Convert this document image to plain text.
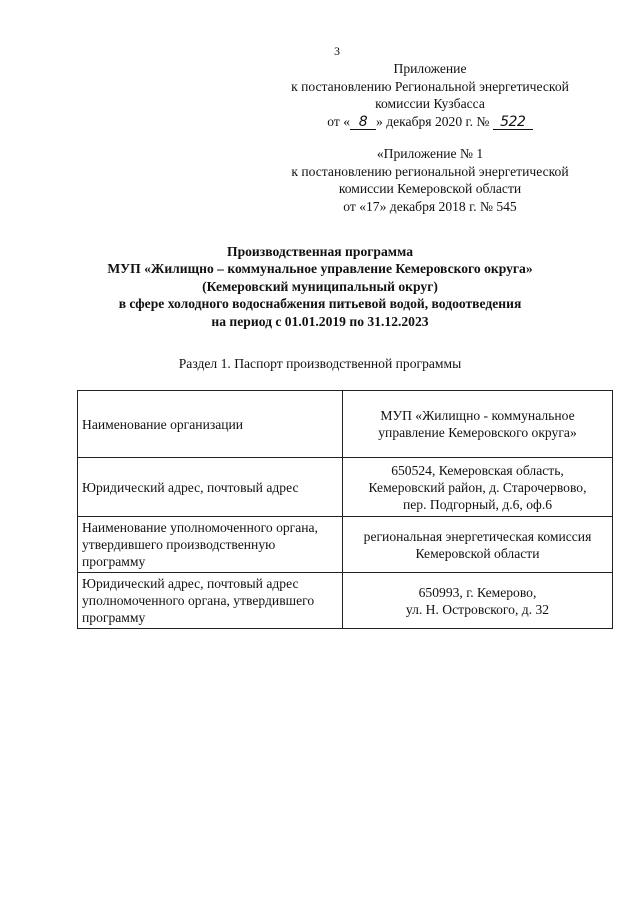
3
Приложение
к постановлению Региональной энергетической
комиссии Кузбасса
от « 8 » декабря 2020 г. № 522
«Приложение № 1
к постановлению региональной энергетической
комиссии Кемеровской области
от «17» декабря 2018 г. № 545
Производственная программа
МУП «Жилищно – коммунальное управление Кемеровского округа»
(Кемеровский муниципальный округ)
в сфере холодного водоснабжения питьевой водой, водоотведения
на период с 01.01.2019 по 31.12.2023
Раздел 1. Паспорт производственной программы
Наименование организации	МУП «Жилищно - коммунальное
управление Кемеровского округа»

Юридический адрес, почтовый адрес	650524, Кемеровская область,
Кемеровский район, д. Старочервово,
пер. Подгорный, д.6, оф.6

Наименование уполномоченного органа, утвердившего производственную программу	региональная энергетическая комиссия
Кемеровской области

Юридический адрес, почтовый адрес уполномоченного органа, утвердившего программу	650993, г. Кемерово,
ул. Н. Островского, д. 32
